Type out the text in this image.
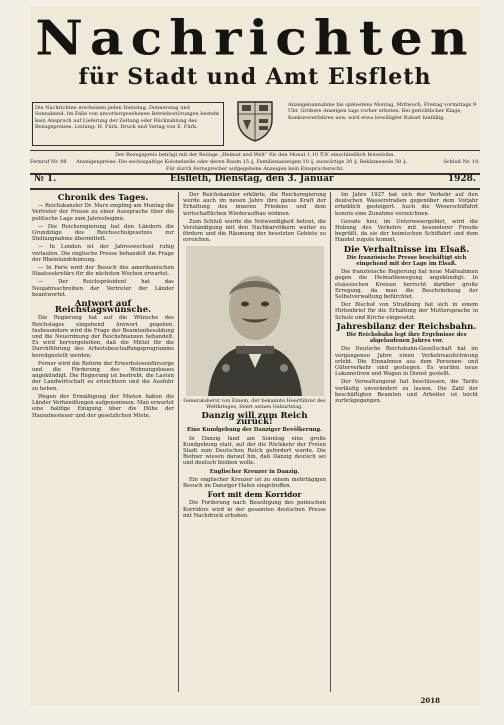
Nachrichten
für Stadt und Amt Elsfleth
Die Nachrichten erscheinen jeden Dienstag, Donnerstag und Sonnabend. Im Falle von unvorhergesehenen Betriebsstörungen besteht kein Anspruch auf Lieferung der Zeitung oder Rückzahlung des Bezugspreises. Leitung: H. Fürk. Druck und Verlag von E. Fürk.
Anzeigenannahme bis spätestens Montag, Mittwoch, Freitag vormittags 9 Uhr. Größere Anzeigen tags vorher erbeten. Bei gerichtlicher Klage, Konkursverfahren usw. wird etwa bewilligter Rabatt hinfällig.
Der Bezugspreis beträgt mit der Beilage „Heimat und Welt“ für den Monat 1,10 ℛℳ einschließlich Botenlohn.
Fernruf Nr. 98 Anzeigenpreise: Die sechsspaltige Kolonelzeile oder deren Raum 15 ₰, Familienanzeigen 10 ₰, auswärtige 20 ₰, Reklamezeile 50 ₰.	Schluß Nr. 10.
Für durch Fernsprecher aufgegebene Anzeigen kein Einspruchsrecht.
№ 1.	Elsfleth, Dienstag, den 3. Januar	1928.
Chronik des Tages.

— Reichskanzler Dr. Marx empfing am Montag die Vertreter der Presse zu einer Aussprache über die politische Lage zum Jahresbeginn.

— Die Reichsregierung hat den Ländern die Grundzüge des Reichsschulgesetzes zur Stellungnahme übermittelt.

— In London ist der Jahreswechsel ruhig verlaufen. Die englische Presse behandelt die Frage der Rheinlandräumung.

— In Paris wird der Besuch des amerikanischen Staatssekretärs für die nächsten Wochen erwartet.

— Der Reichspräsident hat das Neujahrsschreiben der Vertreter der Länder beantwortet.

Antwort auf Reichstagswünsche.

Die Regierung hat auf die Wünsche des Reichstages eingehend Antwort gegeben. Insbesondere wird die Frage der Beamtenbesoldung und die Neuordnung der Reichsfinanzen behandelt. Es wird hervorgehoben, daß die Mittel für die Durchführung des Arbeitsbeschaffungsprogramms bereitgestellt werden.

Ferner wird die Reform der Erwerbslosenfürsorge und die Förderung des Wohnungsbaues angekündigt. Die Regierung ist bestrebt, die Lasten der Landwirtschaft zu erleichtern und die Ausfuhr zu heben.

Wegen der Ermäßigung der Mieten haben die Länder Verhandlungen aufgenommen. Man erwartet eine baldige Einigung über die Höhe der Hauszinssteuer und der gesetzlichen Miete.

Der Reichskanzler erklärte, die Reichsregierung werde auch im neuen Jahre ihre ganze Kraft der Erhaltung des inneren Friedens und dem wirtschaftlichen Wiederaufbau widmen.

Zum Schluß wurde die Notwendigkeit betont, die Verständigung mit den Nachbarvölkern weiter zu fördern und die Räumung der besetzten Gebiete zu erreichen.

Generaloberst von Einem, der bekannte Heerführer des Weltkrieges, feiert seinen Geburtstag.
Danzig will zum Reich zurück!
Eine Kundgebung der Danziger Bevölkerung.

In Danzig fand am Sonntag eine große Kundgebung statt, auf der die Rückkehr der Freien Stadt zum Deutschen Reich gefordert wurde. Die Redner wiesen darauf hin, daß Danzig deutsch sei und deutsch bleiben wolle.

Englischer Kreuzer in Danzig.

Ein englischer Kreuzer ist zu einem mehrtägigen Besuch im Danziger Hafen eingetroffen.

Fort mit dem Korridor

Die Forderung nach Beseitigung des polnischen Korridors wird in der gesamten deutschen Presse mit Nachdruck erhoben.

Im Jahre 1927 hat sich der Verkehr auf den deutschen Wasserstraßen gegenüber dem Vorjahr erheblich gesteigert. Auch die Weserschiffahrt konnte eine Zunahme verzeichnen.

Gerade hier, im Unterwesergebiet, wird die Hebung des Verkehrs mit besonderer Freude begrüßt, da sie der heimischen Schiffahrt und dem Handel zugute kommt.

Die Verhaltnisse im Elsaß.
Die französische Presse beschäftigt sich eingehend mit der Lage im Elsaß.

Die französische Regierung hat neue Maßnahmen gegen die Heimatbewegung angekündigt. In elsässischen Kreisen herrscht darüber große Erregung, da man die Beschränkung der Selbstverwaltung befürchtet.

Der Bischof von Straßburg hat sich in einem Hirtenbrief für die Erhaltung der Muttersprache in Schule und Kirche eingesetzt.

Jahresbilanz der Reichsbahn.
Die Reichsbahn legt ihre Ergebnisse des abgelaufenen Jahres vor.

Die Deutsche Reichsbahn-Gesellschaft hat im vergangenen Jahre einen Verkehrsaufschwung erlebt. Die Einnahmen aus dem Personen- und Güterverkehr sind gestiegen. Es wurden neue Lokomotiven und Wagen in Dienst gestellt.

Der Verwaltungsrat hat beschlossen, die Tarife vorläufig unverändert zu lassen. Die Zahl der beschäftigten Beamten und Arbeiter ist leicht zurückgegangen.

2018
